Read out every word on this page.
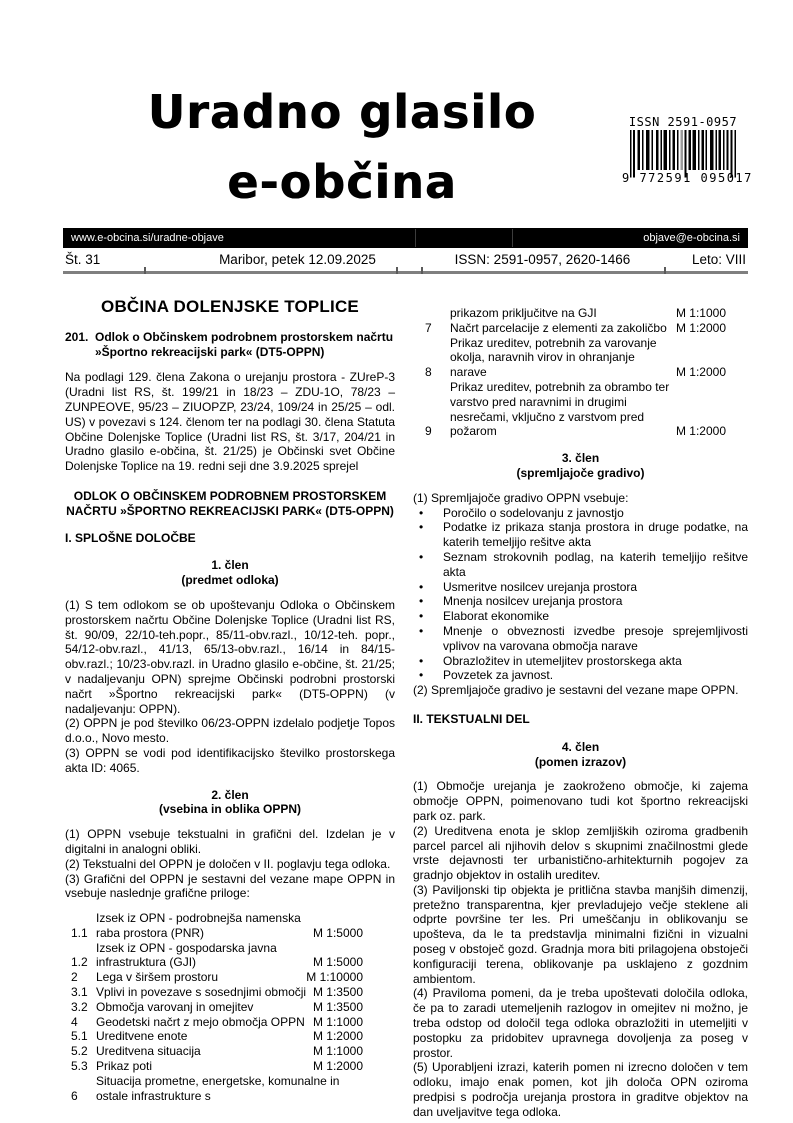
Uradno glasilo
e-občina
ISSN 2591-0957
9 772591 095017
www.e-obcina.si/uradne-objave	objave@e-obcina.si
Št. 31	Maribor, petek 12.09.2025	ISSN: 2591-0957, 2620-1466	Leto: VIII
OBČINA DOLENJSKE TOPLICE

201. Odlok o Občinskem podrobnem prostorskem načrtu »Športno rekreacijski park« (DT5-OPPN)

Na podlagi 129. člena Zakona o urejanju prostora - ZUreP-3 (Uradni list RS, št. 199/21 in 18/23 – ZDU-1O, 78/23 – ZUNPEOVE, 95/23 – ZIUOPZP, 23/24, 109/24 in 25/25 – odl. US) v povezavi s 124. členom ter na podlagi 30. člena Statuta Občine Dolenjske Toplice (Uradni list RS, št. 3/17, 204/21 in Uradno glasilo e-občina, št. 21/25) je Občinski svet Občine Dolenjske Toplice na 19. redni seji dne 3.9.2025 sprejel

ODLOK O OBČINSKEM PODROBNEM PROSTORSKEM NAČRTU »ŠPORTNO REKREACIJSKI PARK« (DT5-OPPN)
I. SPLOŠNE DOLOČBE
1. člen
(predmet odloka)

(1) S tem odlokom se ob upoštevanju Odloka o Občinskem prostorskem načrtu Občine Dolenjske Toplice (Uradni list RS, št. 90/09, 22/10-teh.popr., 85/11-obv.razl., 10/12-teh. popr., 54/12-obv.razl., 41/13, 65/13-obv.razl., 16/14 in 84/15-obv.razl.; 10/23-obv.razl. in Uradno glasilo e-občine, št. 21/25; v nadaljevanju OPN) sprejme Občinski podrobni prostorski načrt »Športno rekreacijski park« (DT5-OPPN) (v nadaljevanju: OPPN).

(2) OPPN je pod številko 06/23-OPPN izdelalo podjetje Topos d.o.o., Novo mesto.

(3) OPPN se vodi pod identifikacijsko številko prostorskega akta ID: 4065.

2. člen
(vsebina in oblika OPPN)

(1) OPPN vsebuje tekstualni in grafični del. Izdelan je v digitalni in analogni obliki.

(2) Tekstualni del OPPN je določen v II. poglavju tega odloka.

(3) Grafični del OPPN je sestavni del vezane mape OPPN in vsebuje naslednje grafične priloge:

1.1
Izsek iz OPN - podrobnejša namenska raba prostora (PNR)	M 1:5000
1.2
Izsek iz OPN - gospodarska javna infrastruktura (GJI)	M 1:5000
2	Lega v širšem prostoru	M 1:10000
3.1 Vplivi in povezave s sosednjimi območji M 1:3500
3.2 Območja varovanj in omejitev	M 1:3500
4	Geodetski načrt z mejo območja OPPN M 1:1000
5.1 Ureditvene enote	M 1:2000
5.2 Ureditvena situacija	M 1:1000
5.3 Prikaz poti	M 1:2000
6
Situacija prometne, energetske, komunalne in ostale infrastrukture s
prikazom priključitve na GJI	M 1:1000
7	Načrt parcelacije z elementi za zakoličbo M 1:2000
8
Prikaz ureditev, potrebnih za varovanje okolja, naravnih virov in ohranjanje narave	M 1:2000
9
Prikaz ureditev, potrebnih za obrambo ter varstvo pred naravnimi in drugimi nesrečami, vključno z varstvom pred požarom	M 1:2000
3. člen
(spremljajoče gradivo)

(1) Spremljajoče gradivo OPPN vsebuje:

•	Poročilo o sodelovanju z javnostjo
•	Podatke iz prikaza stanja prostora in druge podatke, na katerih temeljijo rešitve akta
•	Seznam strokovnih podlag, na katerih temeljijo rešitve akta
•	Usmeritve nosilcev urejanja prostora
•	Mnenja nosilcev urejanja prostora
•	Elaborat ekonomike
•	Mnenje o obveznosti izvedbe presoje sprejemljivosti vplivov na varovana območja narave
•	Obrazložitev in utemeljitev prostorskega akta
•	Povzetek za javnost.

(2) Spremljajoče gradivo je sestavni del vezane mape OPPN.

II. TEKSTUALNI DEL
4. člen
(pomen izrazov)

(1) Območje urejanja je zaokroženo območje, ki zajema območje OPPN, poimenovano tudi kot športno rekreacijski park oz. park.

(2) Ureditvena enota je sklop zemljiških oziroma gradbenih parcel parcel ali njihovih delov s skupnimi značilnostmi glede vrste dejavnosti ter urbanistično-arhitekturnih pogojev za gradnjo objektov in ostalih ureditev.

(3) Paviljonski tip objekta je pritlična stavba manjših dimenzij, pretežno transparentna, kjer prevladujejo večje steklene ali odprte površine ter les. Pri umeščanju in oblikovanju se upošteva, da le ta predstavlja minimalni fizični in vizualni poseg v obstoječ gozd. Gradnja mora biti prilagojena obstoječi konfiguraciji terena, oblikovanje pa usklajeno z gozdnim ambientom.

(4) Praviloma pomeni, da je treba upoštevati določila odloka, če pa to zaradi utemeljenih razlogov in omejitev ni možno, je treba odstop od določil tega odloka obrazložiti in utemeljiti v postopku za pridobitev upravnega dovoljenja za poseg v prostor.

(5) Uporabljeni izrazi, katerih pomen ni izrecno določen v tem odloku, imajo enak pomen, kot jih določa OPN oziroma predpisi s področja urejanja prostora in graditve objektov na dan uveljavitve tega odloka.
